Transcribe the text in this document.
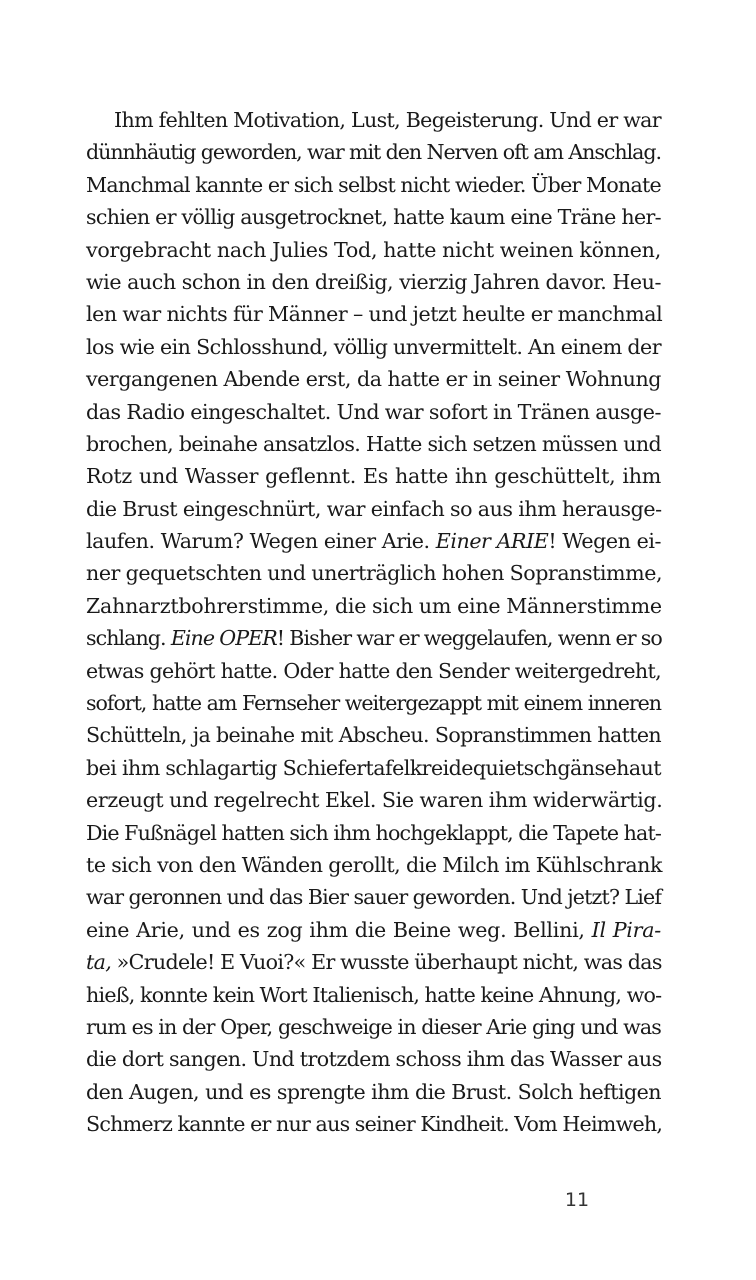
Ihm fehlten Motivation, Lust, Begeisterung. Und er war
dünnhäutig geworden, war mit den Nerven oft am Anschlag.
Manchmal kannte er sich selbst nicht wieder. Über Monate
schien er völlig ausgetrocknet, hatte kaum eine Träne her-
vorgebracht nach Julies Tod, hatte nicht weinen können,
wie auch schon in den dreißig, vierzig Jahren davor. Heu-
len war nichts für Männer – und jetzt heulte er manchmal
los wie ein Schlosshund, völlig unvermittelt. An einem der
vergangenen Abende erst, da hatte er in seiner Wohnung
das Radio eingeschaltet. Und war sofort in Tränen ausge-
brochen, beinahe ansatzlos. Hatte sich setzen müssen und
Rotz und Wasser geflennt. Es hatte ihn geschüttelt, ihm
die Brust eingeschnürt, war einfach so aus ihm herausge-
laufen. Warum? Wegen einer Arie. Einer ARIE! Wegen ei-
ner gequetschten und unerträglich hohen Sopranstimme,
Zahnarztbohrerstimme, die sich um eine Männerstimme
schlang. Eine OPER! Bisher war er weggelaufen, wenn er so
etwas gehört hatte. Oder hatte den Sender weitergedreht,
sofort, hatte am Fernseher weitergezappt mit einem inneren
Schütteln, ja beinahe mit Abscheu. Sopranstimmen hatten
bei ihm schlagartig Schiefertafelkreidequietschgänsehaut
erzeugt und regelrecht Ekel. Sie waren ihm widerwärtig.
Die Fußnägel hatten sich ihm hochgeklappt, die Tapete hat-
te sich von den Wänden gerollt, die Milch im Kühlschrank
war geronnen und das Bier sauer geworden. Und jetzt? Lief
eine Arie, und es zog ihm die Beine weg. Bellini, Il Pira-
ta, »Crudele! E Vuoi?« Er wusste überhaupt nicht, was das
hieß, konnte kein Wort Italienisch, hatte keine Ahnung, wo-
rum es in der Oper, geschweige in dieser Arie ging und was
die dort sangen. Und trotzdem schoss ihm das Wasser aus
den Augen, und es sprengte ihm die Brust. Solch heftigen
Schmerz kannte er nur aus seiner Kindheit. Vom Heimweh,
11
